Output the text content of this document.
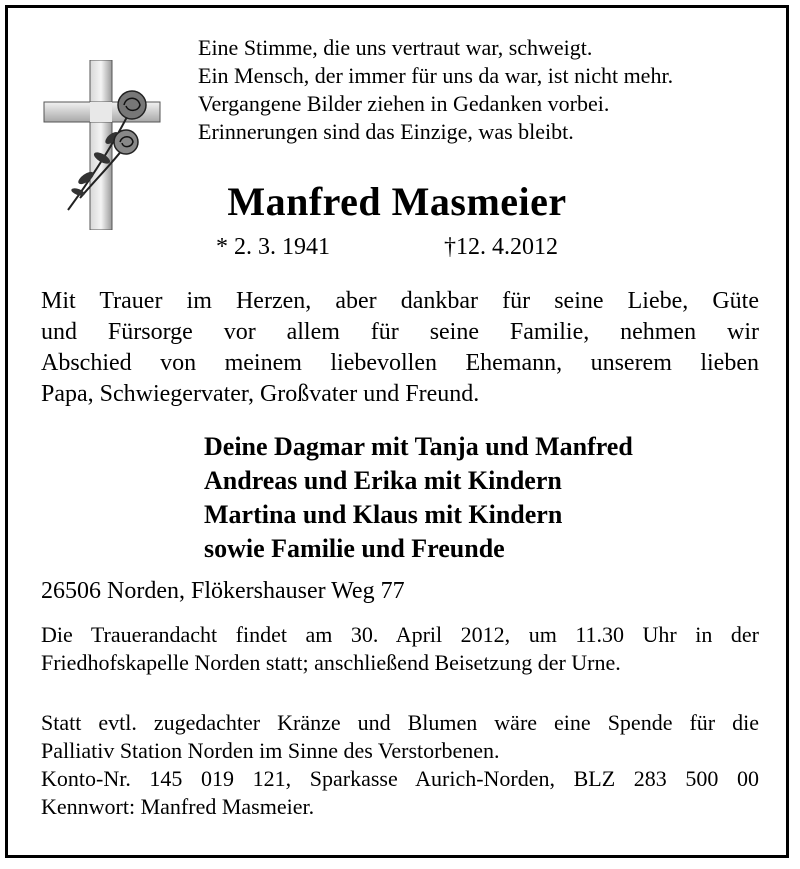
Eine Stimme, die uns vertraut war, schweigt.
Ein Mensch, der immer für uns da war, ist nicht mehr.
Vergangene Bilder ziehen in Gedanken vorbei.
Erinnerungen sind das Einzige, was bleibt.
Manfred Masmeier
* 2. 3. 1941	†12. 4.2012
Mit Trauer im Herzen, aber dankbar für seine Liebe, Güte
und Fürsorge vor allem für seine Familie, nehmen wir
Abschied von meinem liebevollen Ehemann, unserem lieben
Papa, Schwiegervater, Großvater und Freund.
Deine Dagmar mit Tanja und Manfred
Andreas und Erika mit Kindern
Martina und Klaus mit Kindern
sowie Familie und Freunde
26506 Norden, Flökershauser Weg 77
Die Trauerandacht findet am 30. April 2012, um 11.30 Uhr in der
Friedhofskapelle Norden statt; anschließend Beisetzung der Urne.
Statt evtl. zugedachter Kränze und Blumen wäre eine Spende für die
Palliativ Station Norden im Sinne des Verstorbenen.
Konto-Nr. 145 019 121, Sparkasse Aurich-Norden, BLZ 283 500 00
Kennwort: Manfred Masmeier.
